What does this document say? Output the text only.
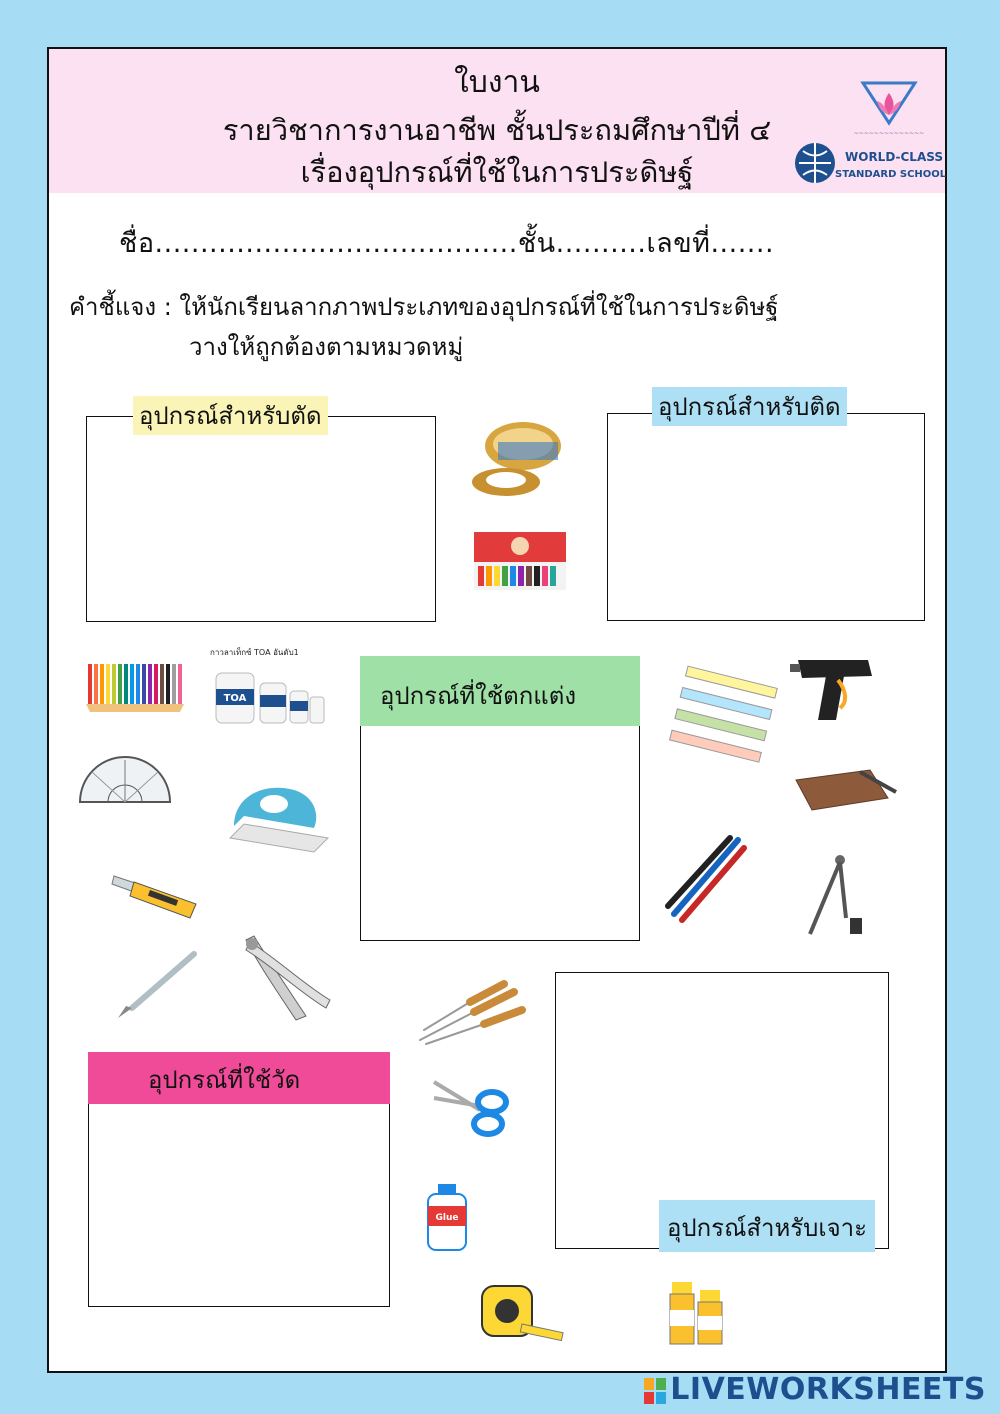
ใบงาน
รายวิชาการงานอาชีพ ชั้นประถมศึกษาปีที่ ๔
เรื่องอุปกรณ์ที่ใช้ในการประดิษฐ์
~~~~~~~~~~~~~~
WORLD-CLASS
STANDARD SCHOOL
ชื่อ........................................ชั้น..........เลขที่.......
คำชี้แจง : ให้นักเรียนลากภาพประเภทของอุปกรณ์ที่ใช้ในการประดิษฐ์
วางให้ถูกต้องตามหมวดหมู่
อุปกรณ์สำหรับตัด	อุปกรณ์สำหรับติด
อุปกรณ์ที่ใช้ตกแต่ง
อุปกรณ์ที่ใช้วัด
อุปกรณ์สำหรับเจาะ
กาวลาเท็กซ์ TOA อันดับ1
TOA
Glue
LIVEWORKSHEETS
